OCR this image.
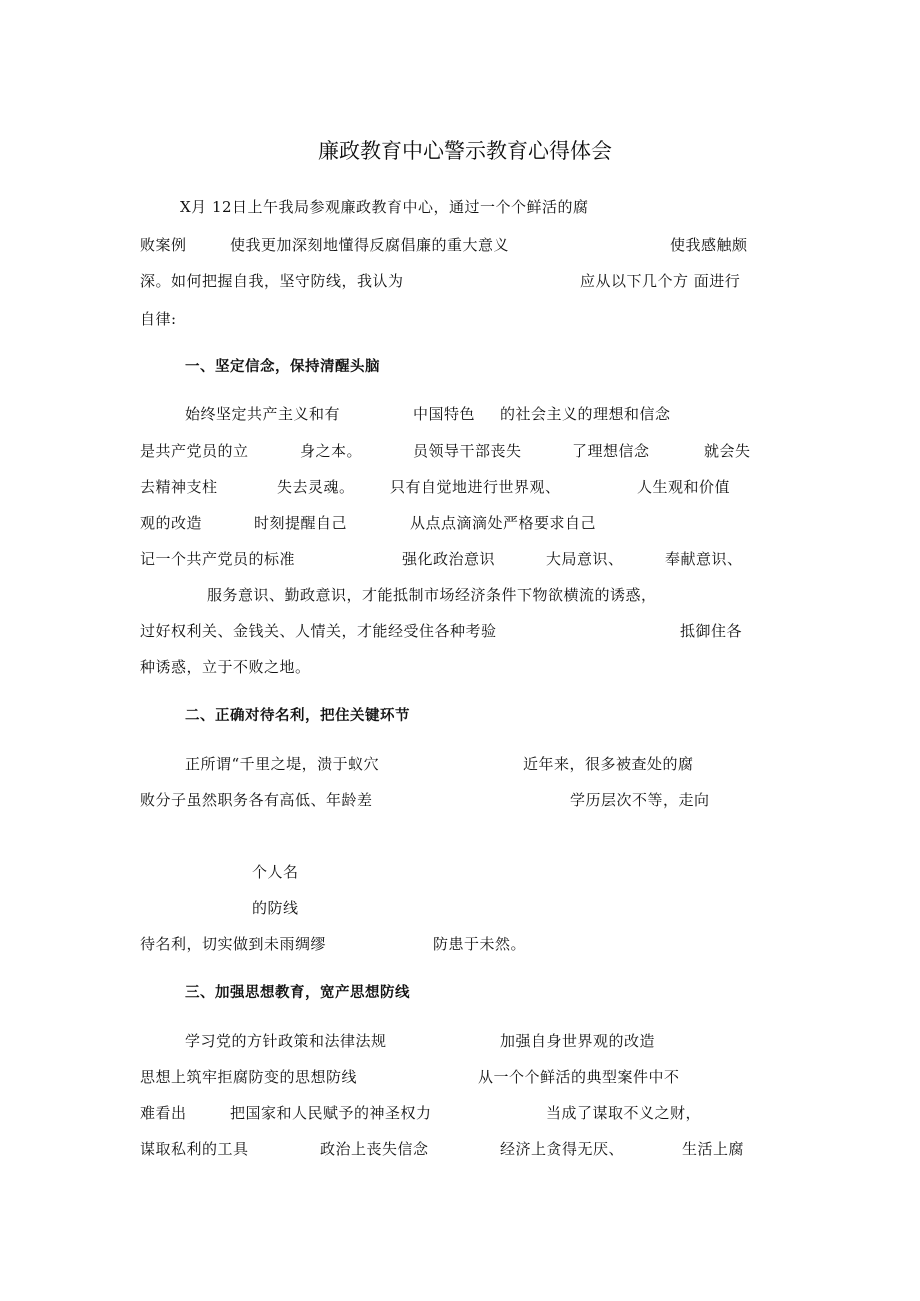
廉政教育中心警示教育心得体会
X月 12日上午我局参观廉政教育中心，通过一个个鲜活的腐
败案例	使我更加深刻地懂得反腐倡廉的重大意义	使我感触颇
深。如何把握自我，坚守防线，我认为	应从以下几个方 面进行
自律:
一、坚定信念，保持清醒头脑
始终坚定共产主义和有	中国特色 的社会主义的理想和信念
是共产党员的立	身之本。	员领导干部丧失	了理想信念	就会失
去精神支柱	失去灵魂。 只有自觉地进行世界观、	人生观和价值
观的改造	时刻提醒自己	从点点滴滴处严格要求自己
记一个共产党员的标准	强化政治意识	大局意识、	奉献意识、
服务意识、勤政意识，才能抵制市场经济条件下物欲横流的诱惑，
过好权利关、金钱关、人情关，才能经受住各种考验	抵御住各
种诱惑，立于不败之地。
二、正确对待名利，把住关键环节
正所谓“千里之堤，溃于蚁穴	近年来，很多被查处的腐
败分子虽然职务各有高低、年龄差	学历层次不等，走向
个人名
的防线
待名利，切实做到未雨绸缪	防患于未然。
三、加强思想教育，宽产思想防线
学习党的方针政策和法律法规	加强自身世界观的改造
思想上筑牢拒腐防变的思想防线	从一个个鲜活的典型案件中不
难看出	把国家和人民赋予的神圣权力	当成了谋取不义之财，
谋取私利的工具	政治上丧失信念	经济上贪得无厌、	生活上腐
